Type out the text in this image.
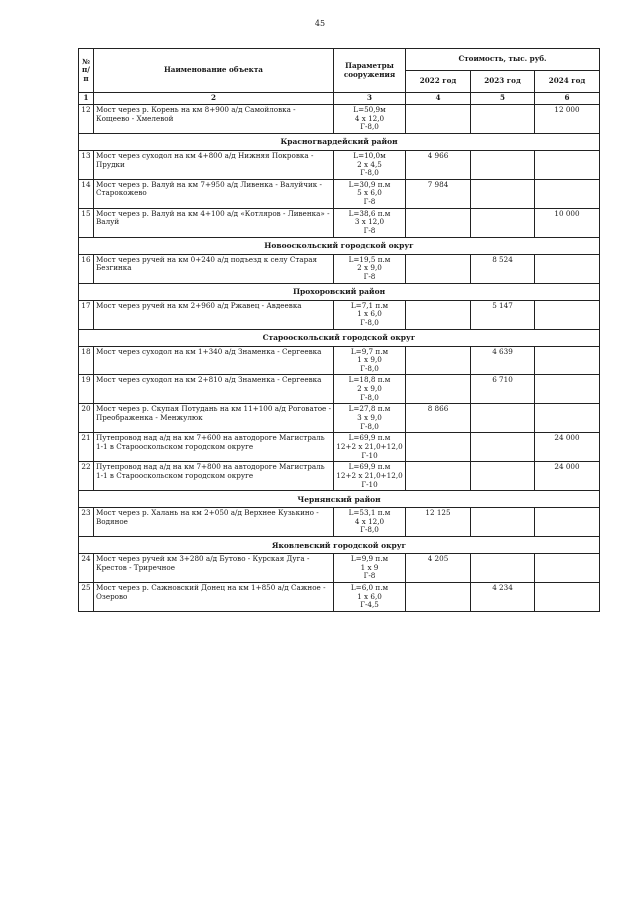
45
№ п/п	Наименование объекта	Параметры сооружения	Стоимость, тыс. руб.		
			2022 год	2023 год	2024 год
1	2	3	4	5	6
12	Мост через р. Корень на км 8+900 а/д Самойловка - Кощеево - Хмелевой	L=50,9м
4 х 12,0
Г-8,0			12 000
Красногвардейский район					
13	Мост через суходол на км 4+800 а/д Нижняя Покровка - Прудки	L=10,0м
2 х 4,5
Г-8,0	4 966		
14	Мост через р. Валуй на км 7+950 а/д Ливенка - Валуйчик - Старокожево	L=30,9 п.м
5 х 6,0
Г-8	7 984		
15	Мост через р. Валуй на км 4+100 а/д «Котляров - Ливенка» - Валуй	L=38,6 п.м
3 х 12,0
Г-8			10 000
Новооскольский городской округ					
16	Мост через ручей на км 0+240 а/д подъезд к селу Старая Безгинка	L=19,5 п.м
2 х 9,0
Г-8		8 524	
Прохоровский район					
17	Мост через ручей на км 2+960 а/д Ржавец - Авдеевка	L=7,1 п.м
1 х 6,0
Г-8,0		5 147	
Старооскольский городской округ					
18	Мост через суходол на км 1+340 а/д Знаменка - Сергеевка	L=9,7 п.м
1 х 9,0
Г-8,0		4 639	
19	Мост через суходол на км 2+810 а/д Знаменка - Сергеевка	L=18,8 п.м
2 х 9,0
Г-8,0		6 710	
20	Мост через р. Скупая Потудань на км 11+100 а/д Роговатое - Преображенка - Менжулюк	L=27,8 п.м
3 х 9,0
Г-8,0	8 866		
21	Путепровод над а/д на км 7+600 на автодороге Магистраль 1-1 в Старооскольском городском округе	L=69,9 п.м
12+2 х 21,0+12,0
Г-10			24 000
22	Путепровод над а/д на км 7+800 на автодороге Магистраль 1-1 в Старооскольском городском округе	L=69,9 п.м
12+2 х 21,0+12,0
Г-10			24 000
Чернянский район					
23	Мост через р. Халань на км 2+050 а/д Верхнее Кузькино - Водяное	L=53,1 п.м
4 х 12,0
Г-8,0	12 125		
Яковлевский городской округ					
24	Мост через ручей км 3+280 а/д Бутово - Курская Дуга - Крестов - Триречное	L=9,9 п.м
1 х 9
Г-8	4 205		
25	Мост через р. Сажновский Донец на км 1+850 а/д Сажное - Озерово	L=6,0 п.м
1 х 6,0
Г-4,5		4 234	
